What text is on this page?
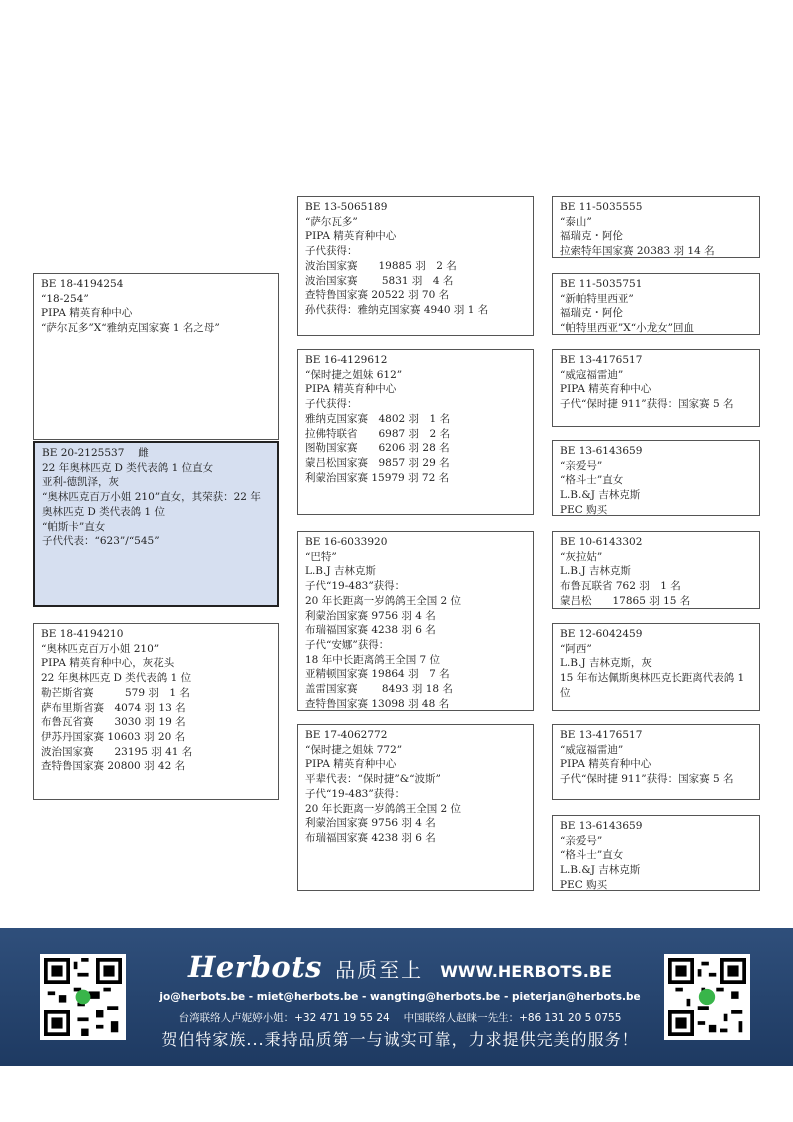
BE 20-2125537　 雌
22 年奥林匹克 D 类代表鸽 1 位直女
亚利-德凯泽，灰
“奥林匹克百万小姐 210”直女，其荣获：22 年奥林匹克 D 类代表鸽 1 位
“帕斯卡”直女
子代代表：“623”/“545”
BE 18-4194254
“18-254”
PIPA 精英育种中心
“萨尔瓦多”X“雅纳克国家赛 1 名之母”
BE 18-4194210
“奥林匹克百万小姐 210”
PIPA 精英育种中心，灰花头
22 年奥林匹克 D 类代表鸽 1 位
勒芒斯省赛　　　579 羽　1 名
萨布里斯省赛　4074 羽 13 名
布鲁瓦省赛　　3030 羽 19 名
伊苏丹国家赛 10603 羽 20 名
波治国家赛　　23195 羽 41 名
查特鲁国家赛 20800 羽 42 名
BE 13-5065189
“萨尔瓦多”
PIPA 精英育种中心
子代获得：
波治国家赛　　19885 羽　2 名
波治国家赛　　 5831 羽　4 名
查特鲁国家赛 20522 羽 70 名
孙代获得：雅纳克国家赛 4940 羽 1 名
BE 16-4129612
“保时捷之姐妹 612”
PIPA 精英育种中心
子代获得：
雅纳克国家赛　4802 羽　1 名
拉佛特联省　　6987 羽　2 名
图勒国家赛　　6206 羽 28 名
蒙吕松国家赛　9857 羽 29 名
利蒙治国家赛 15979 羽 72 名
BE 16-6033920
“巴特”
L.B.J 吉林克斯
子代“19-483”获得：
20 年长距离一岁鸽鸽王全国 2 位
利蒙治国家赛 9756 羽 4 名
布瑞福国家赛 4238 羽 6 名
子代“安娜”获得：
18 年中长距离鸽王全国 7 位
亚精顿国家赛 19864 羽　7 名
盖雷国家赛　　 8493 羽 18 名
查特鲁国家赛 13098 羽 48 名
BE 17-4062772
“保时捷之姐妹 772”
PIPA 精英育种中心
平辈代表：“保时捷”&“波斯”
子代“19-483”获得：
20 年长距离一岁鸽鸽王全国 2 位
利蒙治国家赛 9756 羽 4 名
布瑞福国家赛 4238 羽 6 名
BE 11-5035555
“泰山”
福瑞克・阿伦
拉索特年国家赛 20383 羽 14 名
BE 11-5035751
“新帕特里西亚”
福瑞克・阿伦
“帕特里西亚”X“小龙女”回血
BE 13-4176517
“威寇福雷迪”
PIPA 精英育种中心
子代“保时捷 911”获得：国家赛 5 名
BE 13-6143659
“亲爱号”
“格斗士”直女
L.B.&J 吉林克斯
PEC 购买
BE 10-6143302
“灰拉姑”
L.B.J 吉林克斯
布鲁瓦联省 762 羽　1 名
蒙吕松　　17865 羽 15 名
BE 12-6042459
“阿西”
L.B.J 吉林克斯，灰
15 年布达佩斯奥林匹克长距离代表鸽 1 位
BE 13-4176517
“威寇福雷迪”
PIPA 精英育种中心
子代“保时捷 911”获得：国家赛 5 名
BE 13-6143659
“亲爱号”
“格斗士”直女
L.B.&J 吉林克斯
PEC 购买
Herbots 品质至上 WWW.HERBOTS.BE
jo@herbots.be - miet@herbots.be - wangting@herbots.be - pieterjan@herbots.be
台湾联络人卢妮婷小姐：+32 471 19 55 24　 中国联络人赵睐一先生：+86 131 20 5 0755
贺伯特家族...秉持品质第一与诚实可靠，力求提供完美的服务！
